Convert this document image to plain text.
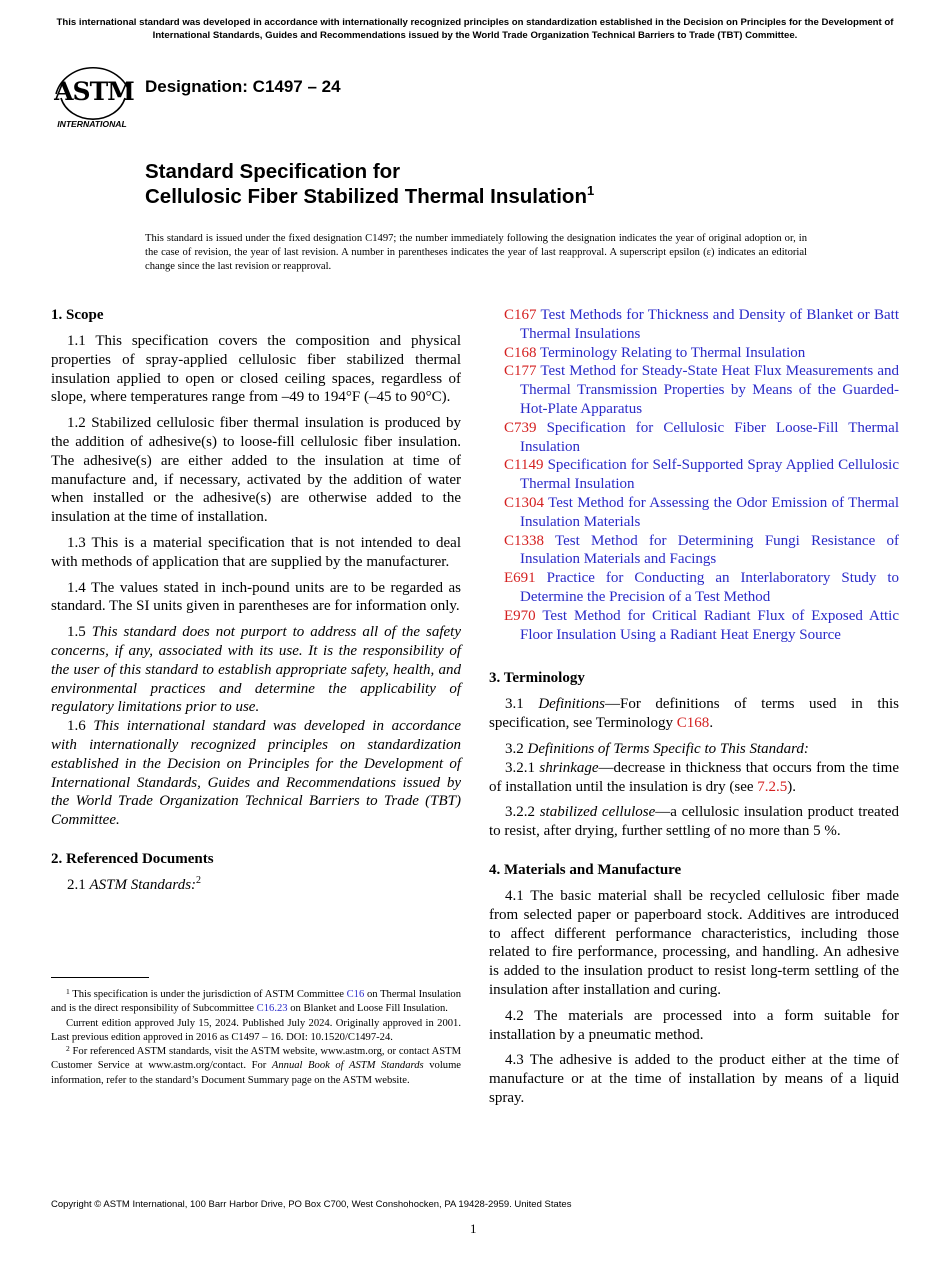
This international standard was developed in accordance with internationally recognized principles on standardization established in the Decision on Principles for the Development of International Standards, Guides and Recommendations issued by the World Trade Organization Technical Barriers to Trade (TBT) Committee.
ASTM
INTERNATIONAL
Designation: C1497 – 24
Standard Specification for
Cellulosic Fiber Stabilized Thermal Insulation$^1$
This standard is issued under the fixed designation C1497; the number immediately following the designation indicates the year of original adoption or, in the case of revision, the year of last revision. A number in parentheses indicates the year of last reapproval. A superscript epsilon (ε) indicates an editorial change since the last revision or reapproval.
1. Scope

1.1 This specification covers the composition and physical properties of spray-applied cellulosic fiber stabilized thermal insulation applied to open or closed ceiling spaces, regardless of slope, where temperatures range from –49 to 194°F (–45 to 90°C).

1.2 Stabilized cellulosic fiber thermal insulation is produced by the addition of adhesive(s) to loose-fill cellulosic fiber insulation. The adhesive(s) are either added to the insulation at time of manufacture and, if necessary, activated by the addition of water when installed or the adhesive(s) are otherwise added to the insulation at the time of installation.

1.3 This is a material specification that is not intended to deal with methods of application that are supplied by the manufacturer.

1.4 The values stated in inch-pound units are to be regarded as standard. The SI units given in parentheses are for information only.

1.5 This standard does not purport to address all of the safety concerns, if any, associated with its use. It is the responsibility of the user of this standard to establish appropriate safety, health, and environmental practices and determine the applicability of regulatory limitations prior to use.

1.6 This international standard was developed in accordance with internationally recognized principles on standardization established in the Decision on Principles for the Development of International Standards, Guides and Recommendations issued by the World Trade Organization Technical Barriers to Trade (TBT) Committee.

2. Referenced Documents

2.1 ASTM Standards:$^2$

$^1$ This specification is under the jurisdiction of ASTM Committee C16 on Thermal Insulation and is the direct responsibility of Subcommittee C16.23 on Blanket and Loose Fill Insulation.

Current edition approved July 15, 2024. Published July 2024. Originally approved in 2001. Last previous edition approved in 2016 as C1497 – 16. DOI: 10.1520/C1497-24.

$^2$ For referenced ASTM standards, visit the ASTM website, www.astm.org, or contact ASTM Customer Service at www.astm.org/contact. For Annual Book of ASTM Standards volume information, refer to the standard’s Document Summary page on the ASTM website.

C167 Test Methods for Thickness and Density of Blanket or Batt Thermal Insulations
C168 Terminology Relating to Thermal Insulation
C177 Test Method for Steady-State Heat Flux Measurements and Thermal Transmission Properties by Means of the Guarded-Hot-Plate Apparatus
C739 Specification for Cellulosic Fiber Loose-Fill Thermal Insulation
C1149 Specification for Self-Supported Spray Applied Cellulosic Thermal Insulation
C1304 Test Method for Assessing the Odor Emission of Thermal Insulation Materials
C1338 Test Method for Determining Fungi Resistance of Insulation Materials and Facings
E691 Practice for Conducting an Interlaboratory Study to Determine the Precision of a Test Method
E970 Test Method for Critical Radiant Flux of Exposed Attic Floor Insulation Using a Radiant Heat Energy Source
3. Terminology

3.1 Definitions—For definitions of terms used in this specification, see Terminology C168.

3.2 Definitions of Terms Specific to This Standard:

3.2.1 shrinkage—decrease in thickness that occurs from the time of installation until the insulation is dry (see 7.2.5).

3.2.2 stabilized cellulose—a cellulosic insulation product treated to resist, after drying, further settling of no more than 5 %.

4. Materials and Manufacture

4.1 The basic material shall be recycled cellulosic fiber made from selected paper or paperboard stock. Additives are introduced to affect different performance characteristics, including those related to fire performance, processing, and handling. An adhesive is added to the insulation product to resist long-term settling of the insulation after installation and curing.

4.2 The materials are processed into a form suitable for installation by a pneumatic method.

4.3 The adhesive is added to the product either at the time of manufacture or at the time of installation by means of a liquid spray.

Copyright © ASTM International, 100 Barr Harbor Drive, PO Box C700, West Conshohocken, PA 19428-2959. United States
1
